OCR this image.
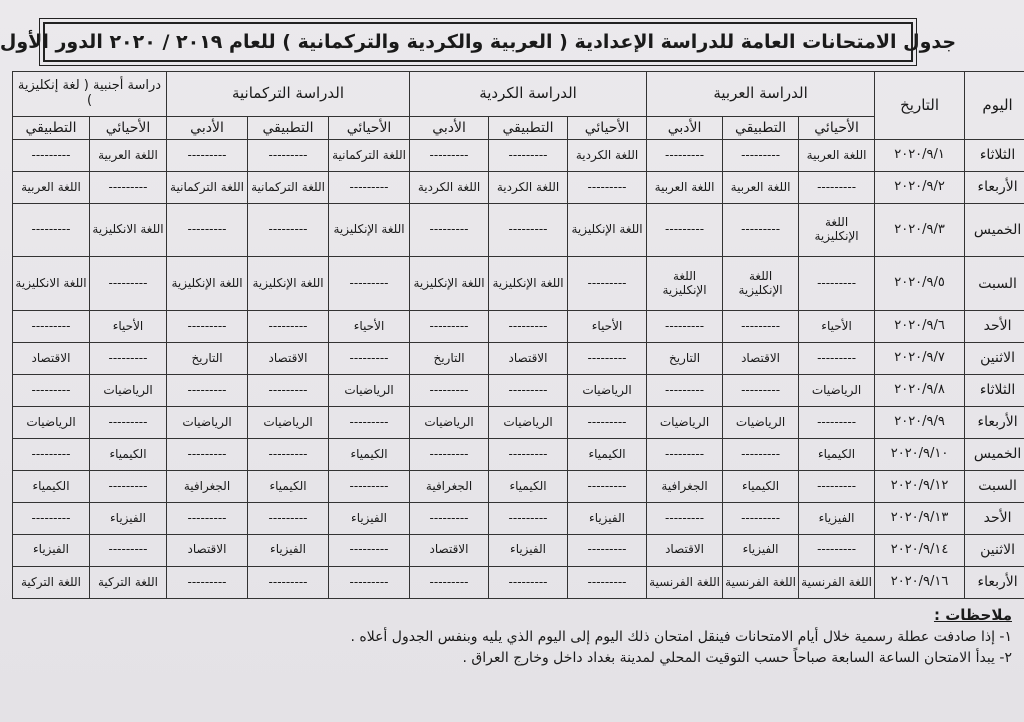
جدول الامتحانات العامة للدراسة الإعدادية ( العربية والكردية والتركمانية ) للعام ٢٠١٩ / ٢٠٢٠ الدور الأول
اليوم	التاريخ	الدراسة العربية			الدراسة الكردية			الدراسة التركمانية			دراسة أجنبية ( لغة إنكليزية )	
		الأحيائي	التطبيقي	الأدبي	الأحيائي	التطبيقي	الأدبي	الأحيائي	التطبيقي	الأدبي	الأحيائي	التطبيقي
الثلاثاء	٢٠٢٠/٩/١	اللغة العربية	---------	---------	اللغة الكردية	---------	---------	اللغة التركمانية	---------	---------	اللغة العربية	---------
الأربعاء	٢٠٢٠/٩/٢	---------	اللغة العربية	اللغة العربية	---------	اللغة الكردية	اللغة الكردية	---------	اللغة التركمانية	اللغة التركمانية	---------	اللغة العربية
الخميس	٢٠٢٠/٩/٣	اللغة الإنكليزية	---------	---------	اللغة الإنكليزية	---------	---------	اللغة الإنكليزية	---------	---------	اللغة الانكليزية	---------
السبت	٢٠٢٠/٩/٥	---------	اللغة الإنكليزية	اللغة الإنكليزية	---------	اللغة الإنكليزية	اللغة الإنكليزية	---------	اللغة الإنكليزية	اللغة الإنكليزية	---------	اللغة الانكليزية
الأحد	٢٠٢٠/٩/٦	الأحياء	---------	---------	الأحياء	---------	---------	الأحياء	---------	---------	الأحياء	---------
الاثنين	٢٠٢٠/٩/٧	---------	الاقتصاد	التاريخ	---------	الاقتصاد	التاريخ	---------	الاقتصاد	التاريخ	---------	الاقتصاد
الثلاثاء	٢٠٢٠/٩/٨	الرياضيات	---------	---------	الرياضيات	---------	---------	الرياضيات	---------	---------	الرياضيات	---------
الأربعاء	٢٠٢٠/٩/٩	---------	الرياضيات	الرياضيات	---------	الرياضيات	الرياضيات	---------	الرياضيات	الرياضيات	---------	الرياضيات
الخميس	٢٠٢٠/٩/١٠	الكيمياء	---------	---------	الكيمياء	---------	---------	الكيمياء	---------	---------	الكيمياء	---------
السبت	٢٠٢٠/٩/١٢	---------	الكيمياء	الجغرافية	---------	الكيمياء	الجغرافية	---------	الكيمياء	الجغرافية	---------	الكيمياء
الأحد	٢٠٢٠/٩/١٣	الفيزياء	---------	---------	الفيزياء	---------	---------	الفيزياء	---------	---------	الفيزياء	---------
الاثنين	٢٠٢٠/٩/١٤	---------	الفيزياء	الاقتصاد	---------	الفيزياء	الاقتصاد	---------	الفيزياء	الاقتصاد	---------	الفيزياء
الأربعاء	٢٠٢٠/٩/١٦	اللغة الفرنسية	اللغة الفرنسية	اللغة الفرنسية	---------	---------	---------	---------	---------	---------	اللغة التركية	اللغة التركية
ملاحظات :
١- إذا صادفت عطلة رسمية خلال أيام الامتحانات فينقل امتحان ذلك اليوم إلى اليوم الذي يليه وبنفس الجدول أعلاه .
٢- يبدأ الامتحان الساعة السابعة صباحاً حسب التوقيت المحلي لمدينة بغداد داخل وخارج العراق .
